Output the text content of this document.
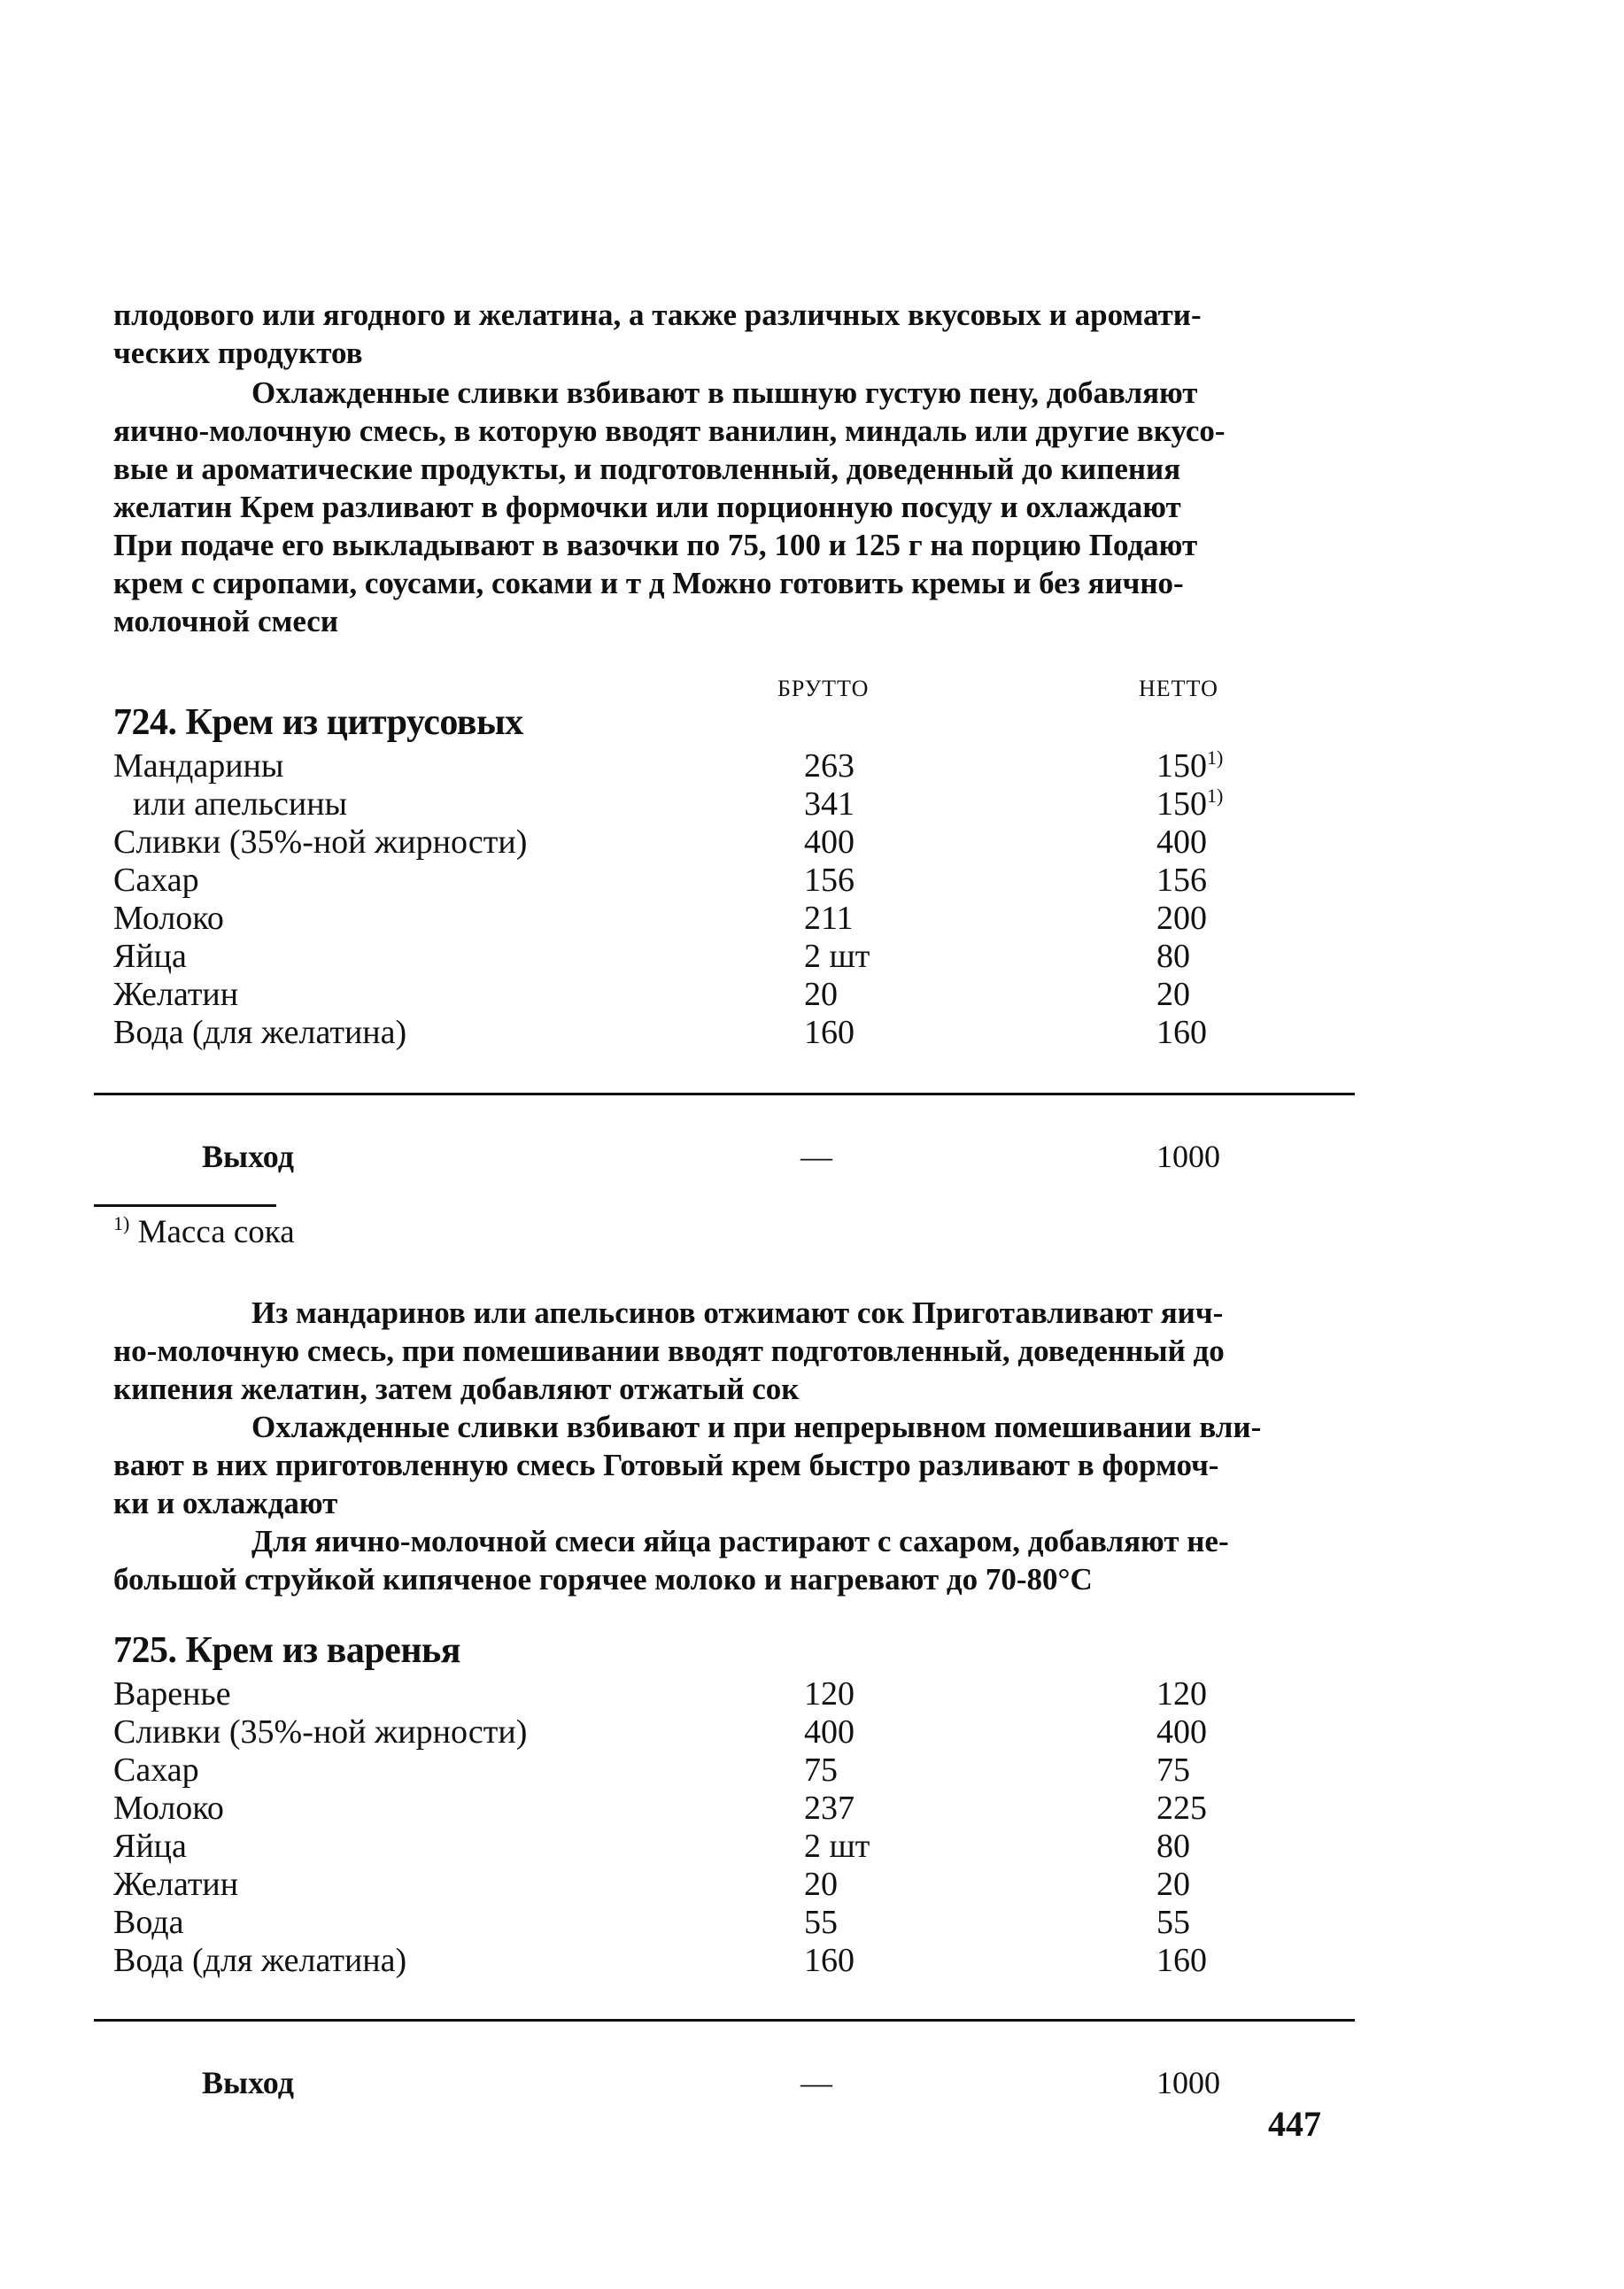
плодового или ягодного и желатина, а также различных вкусовых и аромати-
ческих продуктов
Охлажденные сливки взбивают в пышную густую пену, добавляют
яично-молочную смесь, в которую вводят ванилин, миндаль или другие вкусо-
вые и ароматические продукты, и подготовленный, доведенный до кипения
желатин Крем разливают в формочки или порционную посуду и охлаждают
При подаче его выкладывают в вазочки по 75, 100 и 125 г на порцию Подают
крем с сиропами, соусами, соками и т д Можно готовить кремы и без яично-
молочной смеси
БРУТТО	НЕТТО
724. Крем из цитрусовых
Мандарины	263	150$^{1)}$
или апельсины	341	150$^{1)}$
Сливки (35%-ной жирности)	400	400
Сахар	156	156
Молоко	211	200
Яйца	2 шт	80
Желатин	20	20
Вода (для желатина)	160	160
Выход	—	1000
$^{1)}$ Масса сока
Из мандаринов или апельсинов отжимают сок Приготавливают яич-
но-молочную смесь, при помешивании вводят подготовленный, доведенный до
кипения желатин, затем добавляют отжатый сок
Охлажденные сливки взбивают и при непрерывном помешивании вли-
вают в них приготовленную смесь Готовый крем быстро разливают в формоч-
ки и охлаждают
Для яично-молочной смеси яйца растирают с сахаром, добавляют не-
большой струйкой кипяченое горячее молоко и нагревают до 70-80°С
725. Крем из варенья
Варенье	120	120
Сливки (35%-ной жирности)	400	400
Сахар	75	75
Молоко	237	225
Яйца	2 шт	80
Желатин	20	20
Вода	55	55
Вода (для желатина)	160	160
Выход	—	1000
447
